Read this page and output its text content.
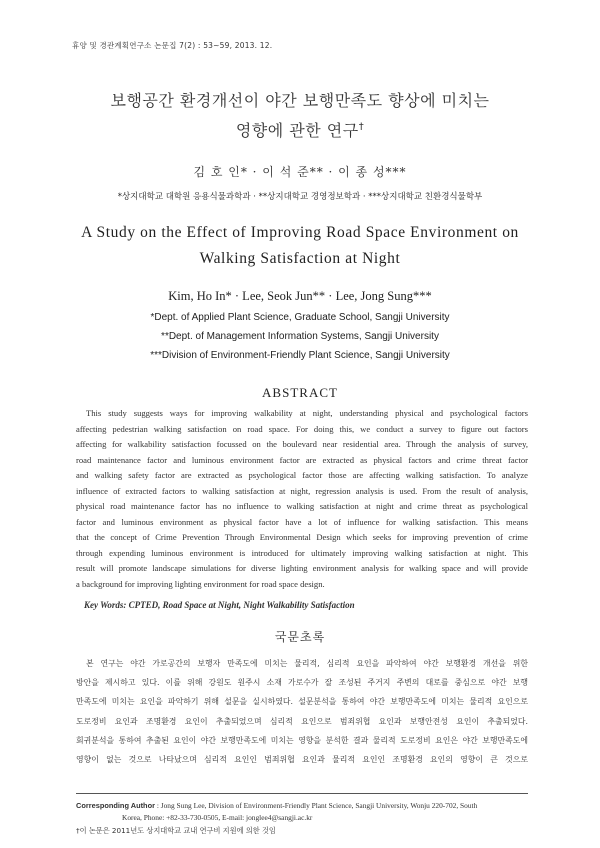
휴양 및 경관계획연구소 논문집 7(2) : 53~59, 2013. 12.
보행공간 환경개선이 야간 보행만족도 향상에 미치는
영향에 관한 연구†
김 호 인* · 이 석 준** · 이 종 성***
*상지대학교 대학원 응용식물과학과 · **상지대학교 경영정보학과 · ***상지대학교 친환경식물학부
A Study on the Effect of Improving Road Space Environment on
Walking Satisfaction at Night
Kim, Ho In* · Lee, Seok Jun** · Lee, Jong Sung***
*Dept. of Applied Plant Science, Graduate School, Sangji University
**Dept. of Management Information Systems, Sangji University
***Division of Environment-Friendly Plant Science, Sangji University
ABSTRACT
This study suggests ways for improving walkability at night, understanding physical and psychological factors
affecting pedestrian walking satisfaction on road space. For doing this, we conduct a survey to figure out factors
affecting for walkability satisfaction focussed on the boulevard near residential area. Through the analysis of survey,
road maintenance factor and luminous environment factor are extracted as physical factors and crime threat factor
and walking safety factor are extracted as psychological factor those are affecting walking satisfaction. To analyze
influence of extracted factors to walking satisfaction at night, regression analysis is used. From the result of analysis,
physical road maintenance factor has no influence to walking satisfaction at night and crime threat as psychological
factor and luminous environment as physical factor have a lot of influence for walking satisfaction. This means
that the concept of Crime Prevention Through Environmental Design which seeks for improving prevention of crime
through expending luminous environment is introduced for ultimately improving walking satisfaction at night. This
result will promote landscape simulations for diverse lighting environment analysis for walking space and will provide
a background for improving lighting environment for road space design.
Key Words: CPTED, Road Space at Night, Night Walkability Satisfaction
국문초록
본 연구는 야간 가로공간의 보행자 만족도에 미치는 물리적, 심리적 요인을 파악하여 야간 보행환경 개선을 위한
방안을 제시하고 있다. 이를 위해 강원도 원주시 소재 가로수가 잘 조성된 주거지 주변의 대로를 중심으로 야간 보행
만족도에 미치는 요인을 파악하기 위해 설문을 실시하였다. 설문분석을 통하여 야간 보행만족도에 미치는 물리적 요인으로
도로정비 요인과 조명환경 요인이 추출되었으며 심리적 요인으로 범죄위협 요인과 보행안전성 요인이 추출되었다.
회귀분석을 통하여 추출된 요인이 야간 보행만족도에 미치는 영향을 분석한 결과 물리적 도로정비 요인은 야간 보행만족도에
영향이 없는 것으로 나타났으며 심리적 요인인 범죄위협 요인과 물리적 요인인 조명환경 요인의 영향이 큰 것으로
Corresponding Author : Jong Sung Lee, Division of Environment-Friendly Plant Science, Sangji University, Wonju 220-702, South
Korea, Phone: +82-33-730-0505, E-mail: jonglee4@sangji.ac.kr
†이 논문은 2011년도 상지대학교 교내 연구비 지원에 의한 것임
